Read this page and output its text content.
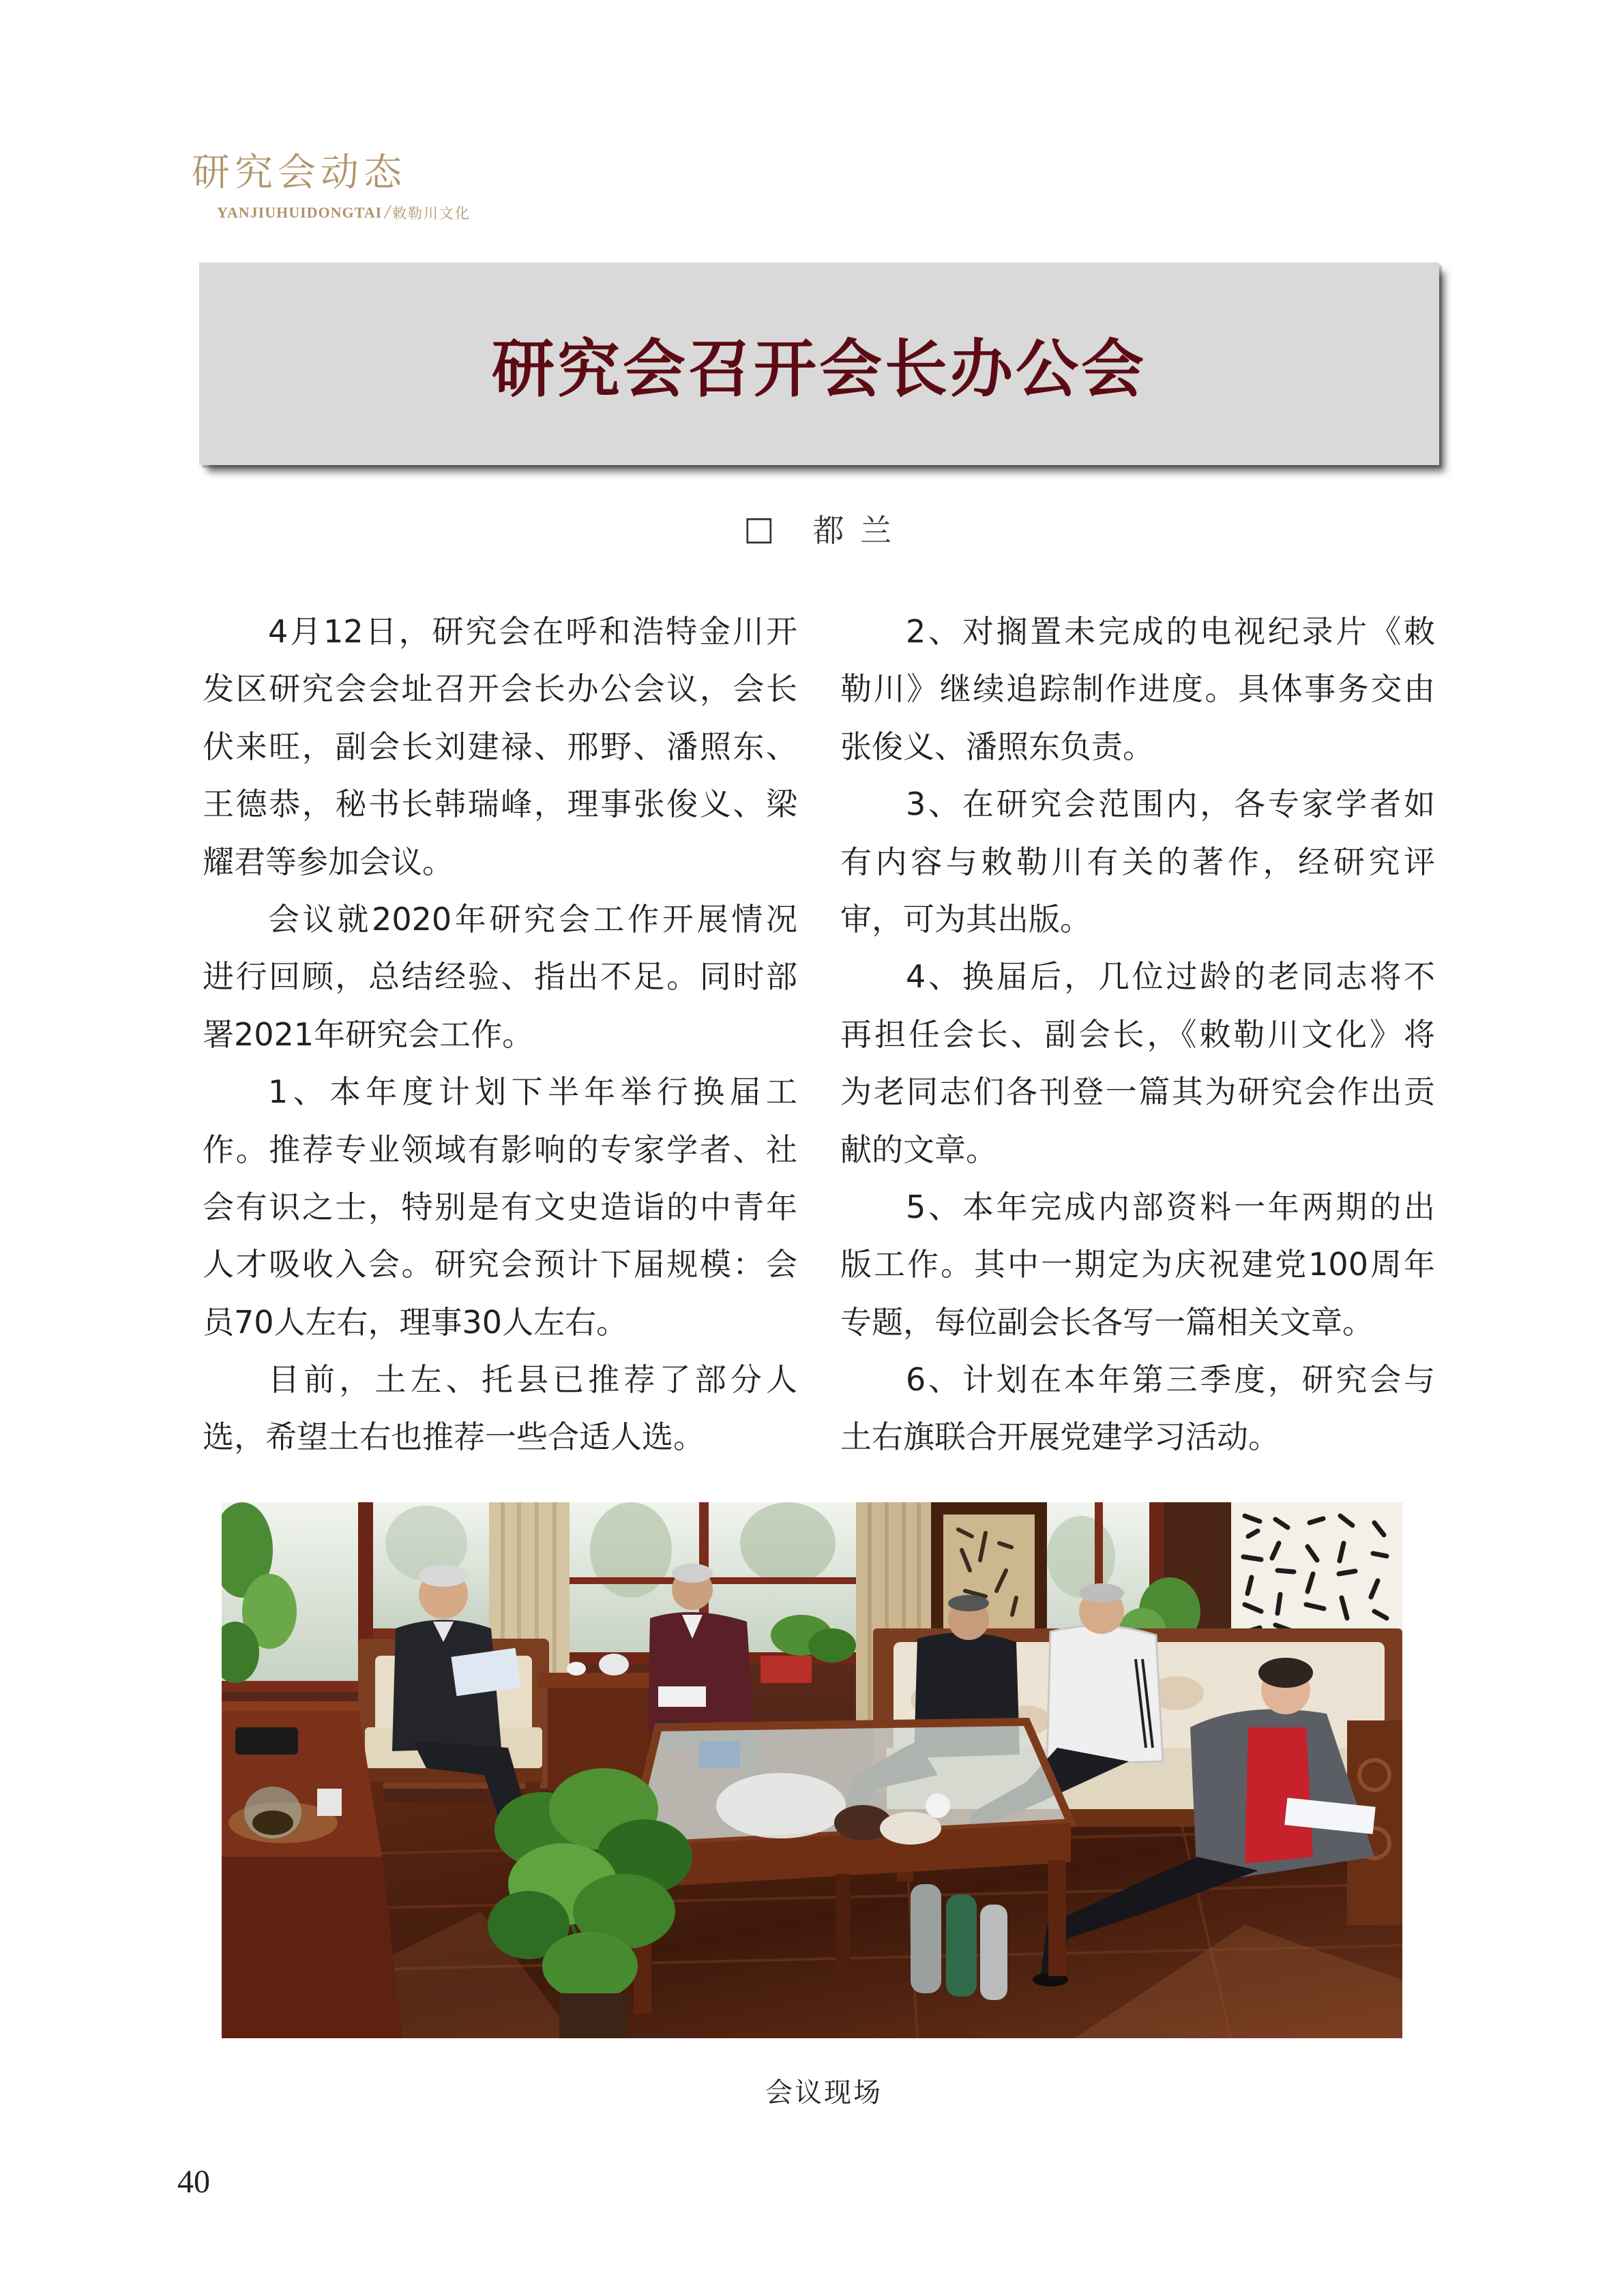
研究会动态
YANJIUHUIDONGTAI / 敕勒川文化
研究会召开会长办公会
□ 都 兰
4月12日，研究会在呼和浩特金川开
发区研究会会址召开会长办公会议，会长
伏来旺，副会长刘建禄、邢野、潘照东、
王德恭，秘书长韩瑞峰，理事张俊义、梁
耀君等参加会议。
会议就2020年研究会工作开展情况
进行回顾，总结经验、指出不足。同时部
署2021年研究会工作。
1、本年度计划下半年举行换届工
作。推荐专业领域有影响的专家学者、社
会有识之士，特别是有文史造诣的中青年
人才吸收入会。研究会预计下届规模：会
员70人左右，理事30人左右。
目前，土左、托县已推荐了部分人
选，希望土右也推荐一些合适人选。
2、对搁置未完成的电视纪录片《敕
勒川》继续追踪制作进度。具体事务交由
张俊义、潘照东负责。
3、在研究会范围内，各专家学者如
有内容与敕勒川有关的著作，经研究评
审，可为其出版。
4、换届后，几位过龄的老同志将不
再担任会长、副会长，《敕勒川文化》将
为老同志们各刊登一篇其为研究会作出贡
献的文章。
5、本年完成内部资料一年两期的出
版工作。其中一期定为庆祝建党100周年
专题，每位副会长各写一篇相关文章。
6、计划在本年第三季度，研究会与
土右旗联合开展党建学习活动。
会议现场
40
